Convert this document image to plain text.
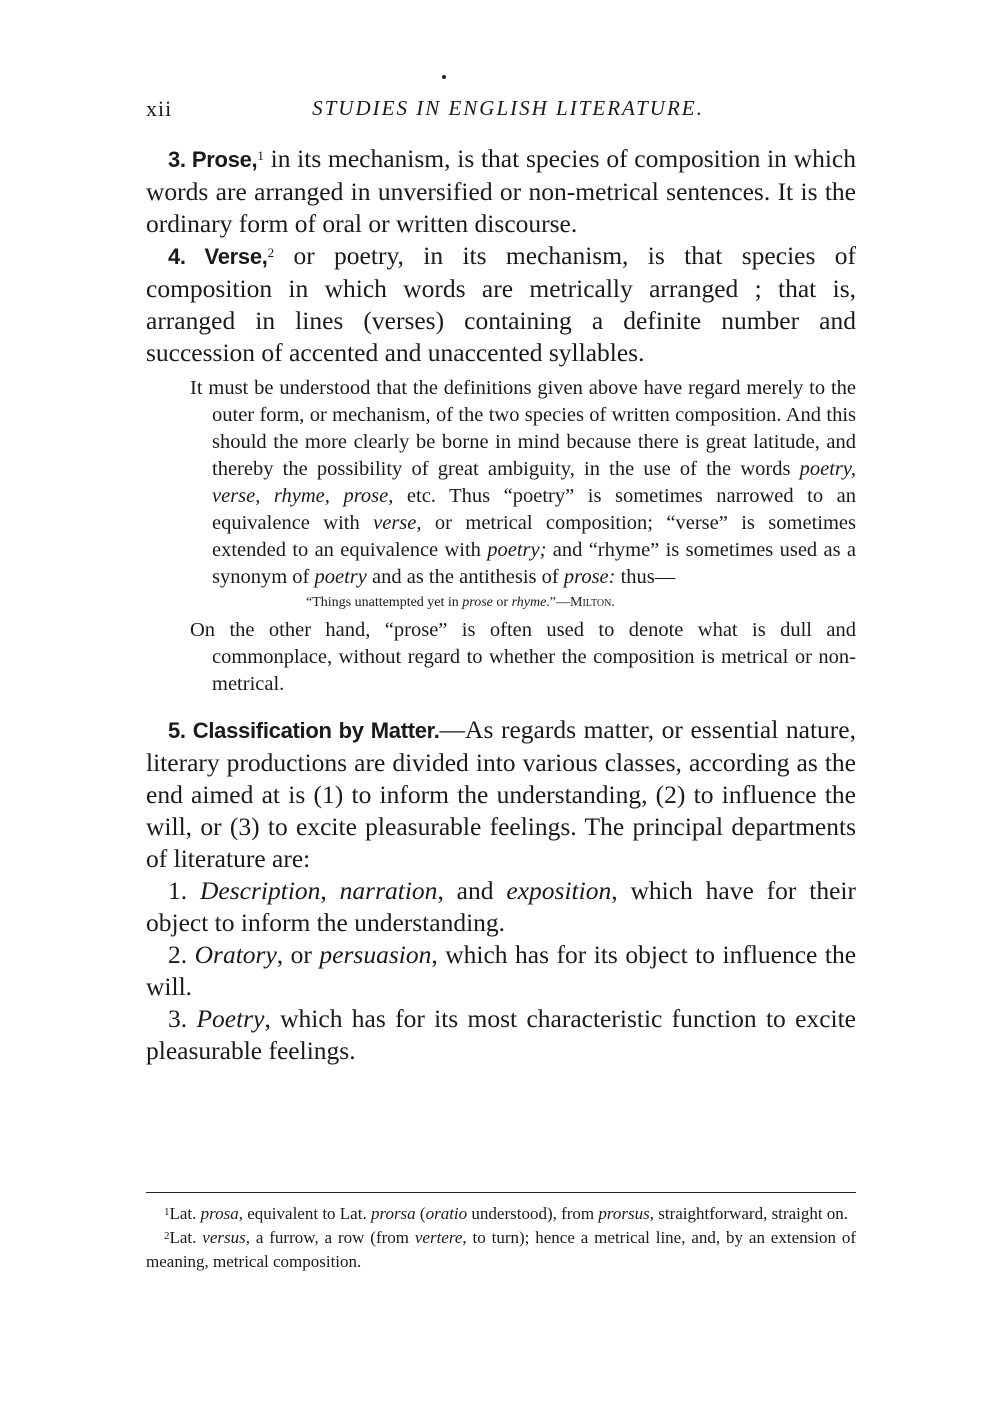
xii	STUDIES IN ENGLISH LITERATURE.

3. Prose,$^1$ in its mechanism, is that species of composition in which words are arranged in unversified or non-metrical sentences. It is the ordinary form of oral or written discourse.

4. Verse,$^2$ or poetry, in its mechanism, is that species of composition in which words are metrically arranged ; that is, arranged in lines (verses) containing a definite number and succession of accented and unaccented syllables.

It must be understood that the definitions given above have regard merely to the outer form, or mechanism, of the two species of written composition. And this should the more clearly be borne in mind because there is great latitude, and thereby the possibility of great ambiguity, in the use of the words poetry, verse, rhyme, prose, etc. Thus “poetry” is sometimes narrowed to an equivalence with verse, or metrical composition; “verse” is sometimes extended to an equivalence with poetry; and “rhyme” is sometimes used as a synonym of poetry and as the antithesis of prose: thus—

“Things unattempted yet in prose or rhyme.”—Milton.

On the other hand, “prose” is often used to denote what is dull and commonplace, without regard to whether the composition is metrical or non-metrical.

5. Classification by Matter.—As regards matter, or essential nature, literary productions are divided into various classes, according as the end aimed at is (1) to inform the understanding, (2) to influence the will, or (3) to excite pleasurable feelings. The principal departments of literature are:

1. Description, narration, and exposition, which have for their object to inform the understanding.

2. Oratory, or persuasion, which has for its object to influence the will.

3. Poetry, which has for its most characteristic function to excite pleasurable feelings.

$^1$Lat. prosa, equivalent to Lat. prorsa (oratio understood), from prorsus, straightforward, straight on.

$^2$Lat. versus, a furrow, a row (from vertere, to turn); hence a metrical line, and, by an extension of meaning, metrical composition.
